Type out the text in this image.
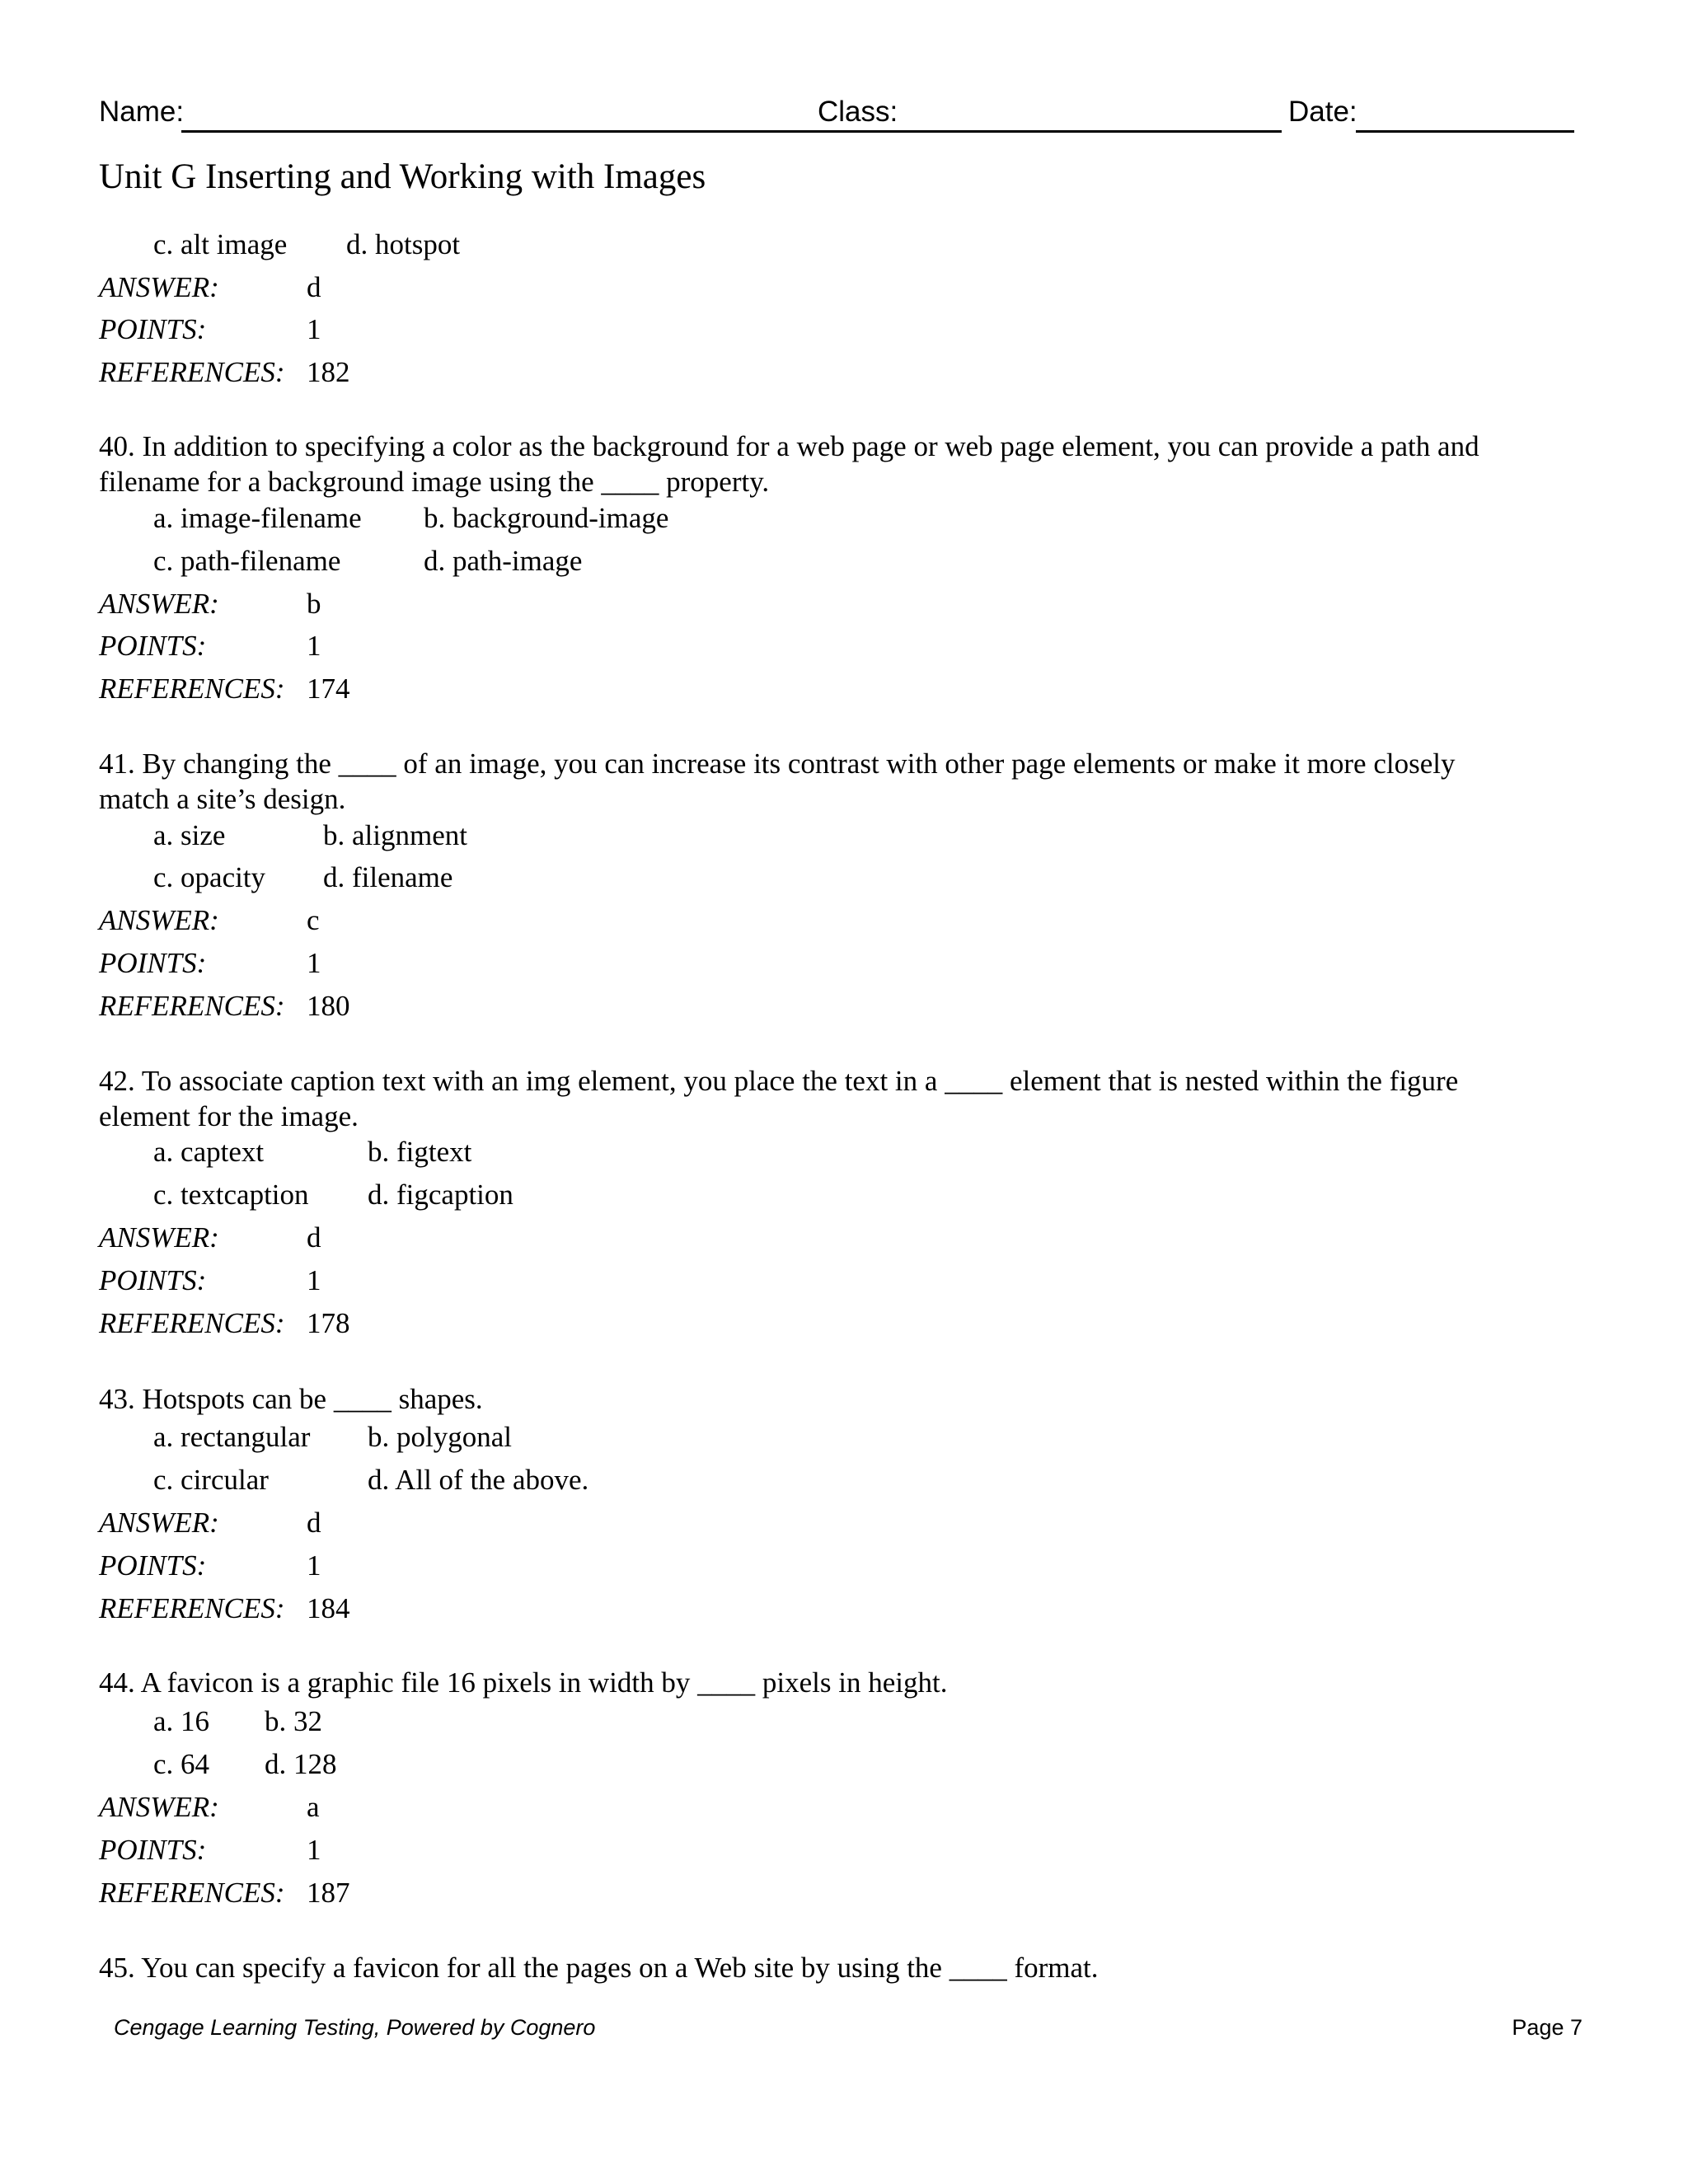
Name:	Class:	Date:
Unit G Inserting and Working with Images
c. alt image d. hotspot
ANSWER:	d
POINTS:	1
REFERENCES: 182
40. In addition to specifying a color as the background for a web page or web page element, you can provide a path and
filename for a background image using the ____ property.
a. image-filename b. background-image
c. path-filename	d. path-image
ANSWER:	b
POINTS:	1
REFERENCES: 174
41. By changing the ____ of an image, you can increase its contrast with other page elements or make it more closely
match a site’s design.
a. size	b. alignment
c. opacity d. filename
ANSWER:	c
POINTS:	1
REFERENCES: 180
42. To associate caption text with an img element, you place the text in a ____ element that is nested within the figure
element for the image.
a. captext	b. figtext
c. textcaption d. figcaption
ANSWER:	d
POINTS:	1
REFERENCES: 178
43. Hotspots can be ____ shapes.
a. rectangular b. polygonal
c. circular	d. All of the above.
ANSWER:	d
POINTS:	1
REFERENCES: 184
44. A favicon is a graphic file 16 pixels in width by ____ pixels in height.
a. 16 b. 32
c. 64 d. 128
ANSWER:	a
POINTS:	1
REFERENCES: 187
45. You can specify a favicon for all the pages on a Web site by using the ____ format.
Cengage Learning Testing, Powered by Cognero	Page 7
